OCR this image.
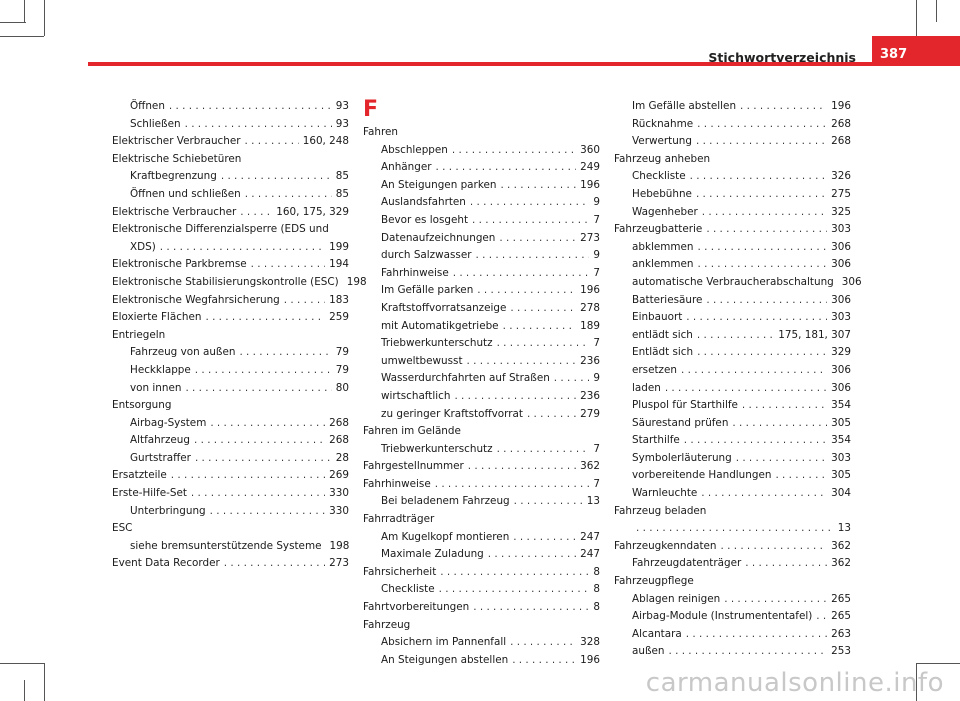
387
Stichwortverzeichnis
Öffnen . . .	93
Schließen . . .	93
Elektrischer Verbraucher . . .	160, 248
Elektrische Schiebetüren
Kraftbegrenzung . . .	85
Öffnen und schließen . . .	85
Elektrische Verbraucher . . .	160, 175, 329
Elektronische Differenzialsperre (EDS und
XDS) . . .	199
Elektronische Parkbremse . . .	194
Elektronische Stabilisierungskontrolle (ESC) 198
Elektronische Wegfahrsicherung . . .	183
Eloxierte Flächen . . .	259
Entriegeln
Fahrzeug von außen . . .	79
Heckklappe . . .	79
von innen . . .	80
Entsorgung
Airbag-System . . .	268
Altfahrzeug . . .	268
Gurtstraffer . . .	28
Ersatzteile . . .	269
Erste-Hilfe-Set . . .	330
Unterbringung . . .	330
ESC
siehe bremsunterstützende Systeme 198
Event Data Recorder . . .	273
F
Fahren
Abschleppen . . .	360
Anhänger . . .	249
An Steigungen parken . . .	196
Auslandsfahrten . . .	9
Bevor es losgeht . . .	7
Datenaufzeichnungen . . .	273
durch Salzwasser . . .	9
Fahrhinweise . . .	7
Im Gefälle parken . . .	196
Kraftstoffvorratsanzeige . . .	278
mit Automatikgetriebe . . .	189
Triebwerkunterschutz . . .	7
umweltbewusst . . .	236
Wasserdurchfahrten auf Straßen . . .	9
wirtschaftlich . . .	236
zu geringer Kraftstoffvorrat . . .	279
Fahren im Gelände
Triebwerkunterschutz . . .	7
Fahrgestellnummer . . .	362
Fahrhinweise . . .	7
Bei beladenem Fahrzeug . . .	13
Fahrradträger
Am Kugelkopf montieren . . .	247
Maximale Zuladung . . .	247
Fahrsicherheit . . .	8
Checkliste . . .	8
Fahrtvorbereitungen . . .	8
Fahrzeug
Absichern im Pannenfall . . .	328
An Steigungen abstellen . . .	196
Im Gefälle abstellen . . .	196
Rücknahme . . .	268
Verwertung . . .	268
Fahrzeug anheben
Checkliste . . .	326
Hebebühne . . .	275
Wagenheber . . .	325
Fahrzeugbatterie . . .	303
abklemmen . . .	306
anklemmen . . .	306
automatische Verbraucherabschaltung 306
Batteriesäure . . .	306
Einbauort . . .	303
entlädt sich . . .	175, 181, 307
Entlädt sich . . .	329
ersetzen . . .	306
laden . . .	306
Pluspol für Starthilfe . . .	354
Säurestand prüfen . . .	305
Starthilfe . . .	354
Symbolerläuterung . . .	303
vorbereitende Handlungen . . .	305
Warnleuchte . . .	304
Fahrzeug beladen
. . .
13
Fahrzeugkenndaten . . .	362
Fahrzeugdatenträger . . .	362
Fahrzeugpflege
Ablagen reinigen . . .	265
Airbag-Module (Instrumententafel) . . .	265
Alcantara . . .	263
außen . . .	253
carmanualsonline.info
